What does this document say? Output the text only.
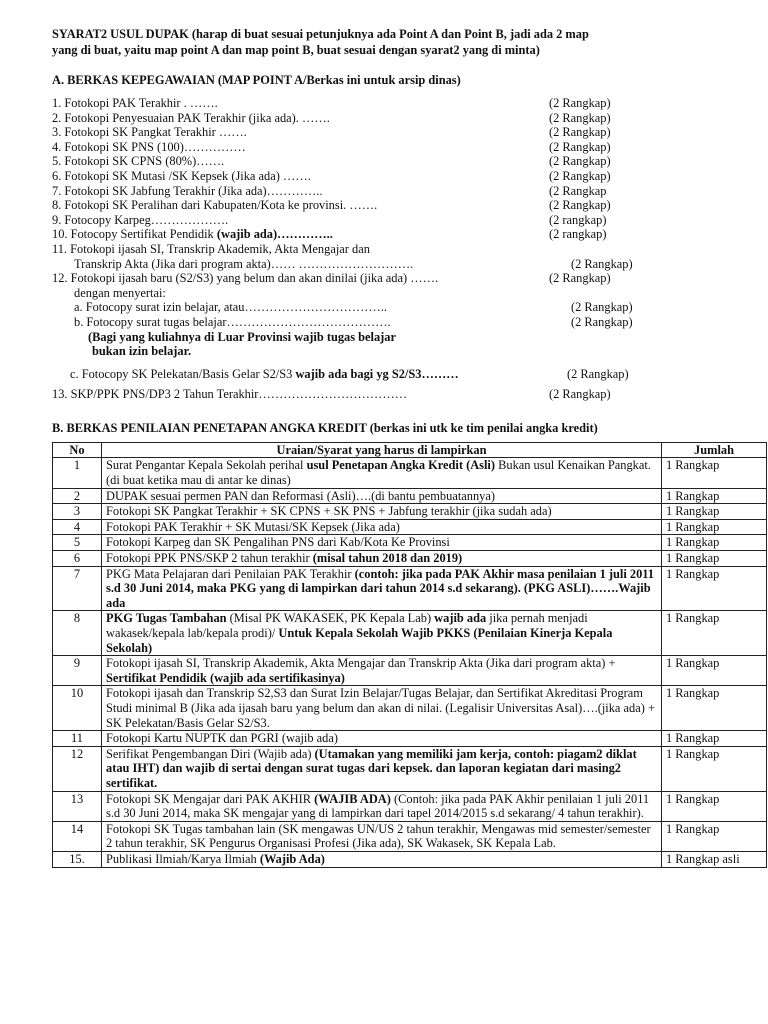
SYARAT2 USUL DUPAK (harap di buat sesuai petunjuknya ada Point A dan Point B, jadi ada 2 map

yang di buat, yaitu map point A dan map point B, buat sesuai dengan syarat2 yang di minta)

A. BERKAS KEPEGAWAIAN (MAP POINT A/Berkas ini untuk arsip dinas)

1. Fotokopi PAK Terakhir . …….	(2 Rangkap)
2. Fotokopi Penyesuaian PAK Terakhir (jika ada). …….	(2 Rangkap)
3. Fotokopi SK Pangkat Terakhir …….	(2 Rangkap)
4. Fotokopi SK PNS (100)……………	(2 Rangkap)
5. Fotokopi SK CPNS (80%)…….	(2 Rangkap)
6. Fotokopi SK Mutasi /SK Kepsek (Jika ada) …….	(2 Rangkap)
7. Fotokopi SK Jabfung Terakhir (Jika ada)…………..	(2 Rangkap
8. Fotokopi SK Peralihan dari Kabupaten/Kota ke provinsi. …….	(2 Rangkap)
9. Fotocopy Karpeg……………….	(2 rangkap)
10. Fotocopy Sertifikat Pendidik (wajib ada)…………..	(2 rangkap)
11. Fotokopi ijasah SI, Transkrip Akademik, Akta Mengajar dan
Transkrip Akta (Jika dari program akta)…… ……………………….	(2 Rangkap)
12. Fotokopi ijasah baru (S2/S3) yang belum dan akan dinilai (jika ada) …….	(2 Rangkap)
dengan menyertai:
a. Fotocopy surat izin belajar, atau……………………………..	(2 Rangkap)
b. Fotocopy surat tugas belajar………………………………….	(2 Rangkap)
(Bagi yang kuliahnya di Luar Provinsi wajib tugas belajar
bukan izin belajar.
c. Fotocopy SK Pelekatan/Basis Gelar S2/S3 wajib ada bagi yg S2/S3………	(2 Rangkap)
13. SKP/PPK PNS/DP3 2 Tahun Terakhir………………………………	(2 Rangkap)

B. BERKAS PENILAIAN PENETAPAN ANGKA KREDIT (berkas ini utk ke tim penilai angka kredit)

No	Uraian/Syarat yang harus di lampirkan	Jumlah
1	Surat Pengantar Kepala Sekolah perihal usul Penetapan Angka Kredit (Asli) Bukan usul Kenaikan Pangkat. (di buat ketika mau di antar ke dinas)	1 Rangkap
2	DUPAK sesuai permen PAN dan Reformasi (Asli)….(di bantu pembuatannya)	1 Rangkap
3	Fotokopi SK Pangkat Terakhir + SK CPNS + SK PNS + Jabfung terakhir (jika sudah ada)	1 Rangkap
4	Fotokopi PAK Terakhir + SK Mutasi/SK Kepsek (Jika ada)	1 Rangkap
5	Fotokopi Karpeg dan SK Pengalihan PNS dari Kab/Kota Ke Provinsi	1 Rangkap
6	Fotokopi PPK PNS/SKP 2 tahun terakhir (misal tahun 2018 dan 2019)	1 Rangkap
7	PKG Mata Pelajaran dari Penilaian PAK Terakhir (contoh: jika pada PAK Akhir masa penilaian 1 juli 2011 s.d 30 Juni 2014, maka PKG yang di lampirkan dari tahun 2014 s.d sekarang). (PKG ASLI)…….Wajib ada	1 Rangkap
8	PKG Tugas Tambahan (Misal PK WAKASEK, PK Kepala Lab) wajib ada jika pernah menjadi wakasek/kepala lab/kepala prodi)/ Untuk Kepala Sekolah Wajib PKKS (Penilaian Kinerja Kepala Sekolah)	1 Rangkap
9	Fotokopi ijasah SI, Transkrip Akademik, Akta Mengajar dan Transkrip Akta (Jika dari program akta) + Sertifikat Pendidik (wajib ada sertifikasinya)	1 Rangkap
10	Fotokopi ijasah dan Transkrip S2,S3 dan Surat Izin Belajar/Tugas Belajar, dan Sertifikat Akreditasi Program Studi minimal B (Jika ada ijasah baru yang belum dan akan di nilai. (Legalisir Universitas Asal)….(jika ada) + SK Pelekatan/Basis Gelar S2/S3.	1 Rangkap
11	Fotokopi Kartu NUPTK dan PGRI (wajib ada)	1 Rangkap
12	Serifikat Pengembangan Diri (Wajib ada) (Utamakan yang memiliki jam kerja, contoh: piagam2 diklat atau IHT) dan wajib di sertai dengan surat tugas dari kepsek. dan laporan kegiatan dari masing2 sertifikat.	1 Rangkap
13	Fotokopi SK Mengajar dari PAK AKHIR (WAJIB ADA) (Contoh: jika pada PAK Akhir penilaian 1 juli 2011 s.d 30 Juni 2014, maka SK mengajar yang di lampirkan dari tapel 2014/2015 s.d sekarang/ 4 tahun terakhir).	1 Rangkap
14	Fotokopi SK Tugas tambahan lain (SK mengawas UN/US 2 tahun terakhir, Mengawas mid semester/semester 2 tahun terakhir, SK Pengurus Organisasi Profesi (Jika ada), SK Wakasek, SK Kepala Lab.	1 Rangkap
15.	Publikasi Ilmiah/Karya Ilmiah (Wajib Ada)	1 Rangkap asli
